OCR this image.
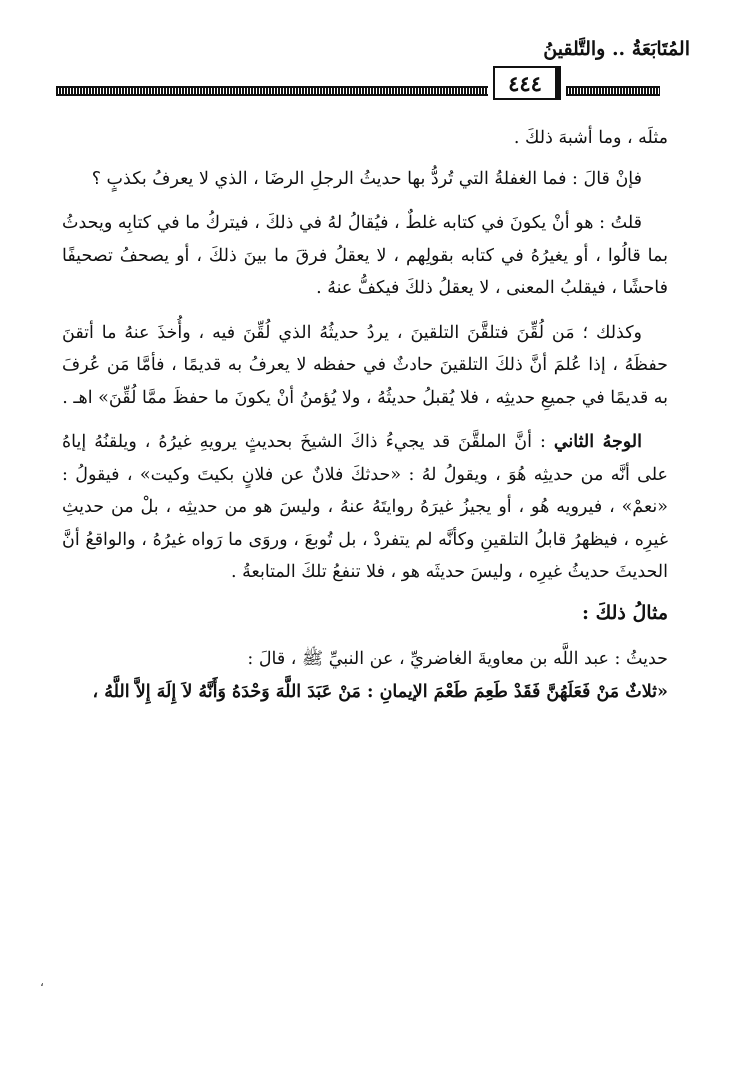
المُتَابَعَةُ .. والتَّلقينُ
٤٤٤

مثلَه ، وما أشبهَ ذلكَ .

فإنْ قالَ : فما الغفلةُ التي تُردُّ بها حديثُ الرجلِ الرضَا ، الذي لا يعرفُ بكذبٍ ؟

قلتُ : هو أنْ يكونَ في كتابه غلطٌ ، فيُقالُ لهُ في ذلكَ ، فيتركُ ما في كتابِه ويحدثُ بما قالُوا ، أو يغيرُهُ في كتابه بقولِهم ، لا يعقلُ فرقَ ما بينَ ذلكَ ، أو يصحفُ تصحيفًا فاحشًا ، فيقلبُ المعنى ، لا يعقلُ ذلكَ فيكفُّ عنهُ .

وكذلك ؛ مَن لُقِّنَ فتلقَّنَ التلقينَ ، يردُ حديثُهُ الذي لُقِّنَ فيه ، وأُخذَ عنهُ ما أتقنَ حفظَهُ ، إذا عُلمَ أنَّ ذلكَ التلقينَ حادثٌ في حفظه لا يعرفُ به قديمًا ، فأمَّا مَن عُرفَ به قديمًا في جميعِ حديثِه ، فلا يُقبلُ حديثُهُ ، ولا يُؤمنُ أنْ يكونَ ما حفظَ ممَّا لُقِّنَ» اهـ .

الوجهُ الثاني : أنَّ الملقَّنَ قد يجيءُ ذاكَ الشيخَ بحديثٍ يرويهِ غيرُهُ ، ويلقنُهُ إياهُ على أنَّه من حديثِه هُوَ ، ويقولُ لهُ : «حدثكَ فلانٌ عن فلانٍ بكيتَ وكيت» ، فيقولُ : «نعمْ» ، فيرويه هُو ، أو يجيزُ غيرَهُ روايتَهُ عنهُ ، وليسَ هو من حديثِه ، بلْ من حديثِ غيرِه ، فيظهرُ قابلُ التلقينِ وكأنَّه لم يتفردْ ، بل تُوبعَ ، وروَى ما رَواه غيرُهُ ، والواقعُ أنَّ الحديثَ حديثُ غيرِه ، وليسَ حديثَه هو ، فلا تنفعُ تلكَ المتابعةُ .

مثالُ ذلكَ :

حديثُ : عبد اللَّه بن معاويةَ الغاضريِّ ، عن النبيِّ ﷺ ، قالَ :
«ثلاثٌ مَنْ فَعَلَهُنَّ فَقَدْ طَعِمَ طَعْمَ الإيمانِ : مَنْ عَبَدَ اللَّهَ وَحْدَهُ وَأَنَّهُ لاَ إِلَهَ إِلاَّ اللَّهُ ،

،
